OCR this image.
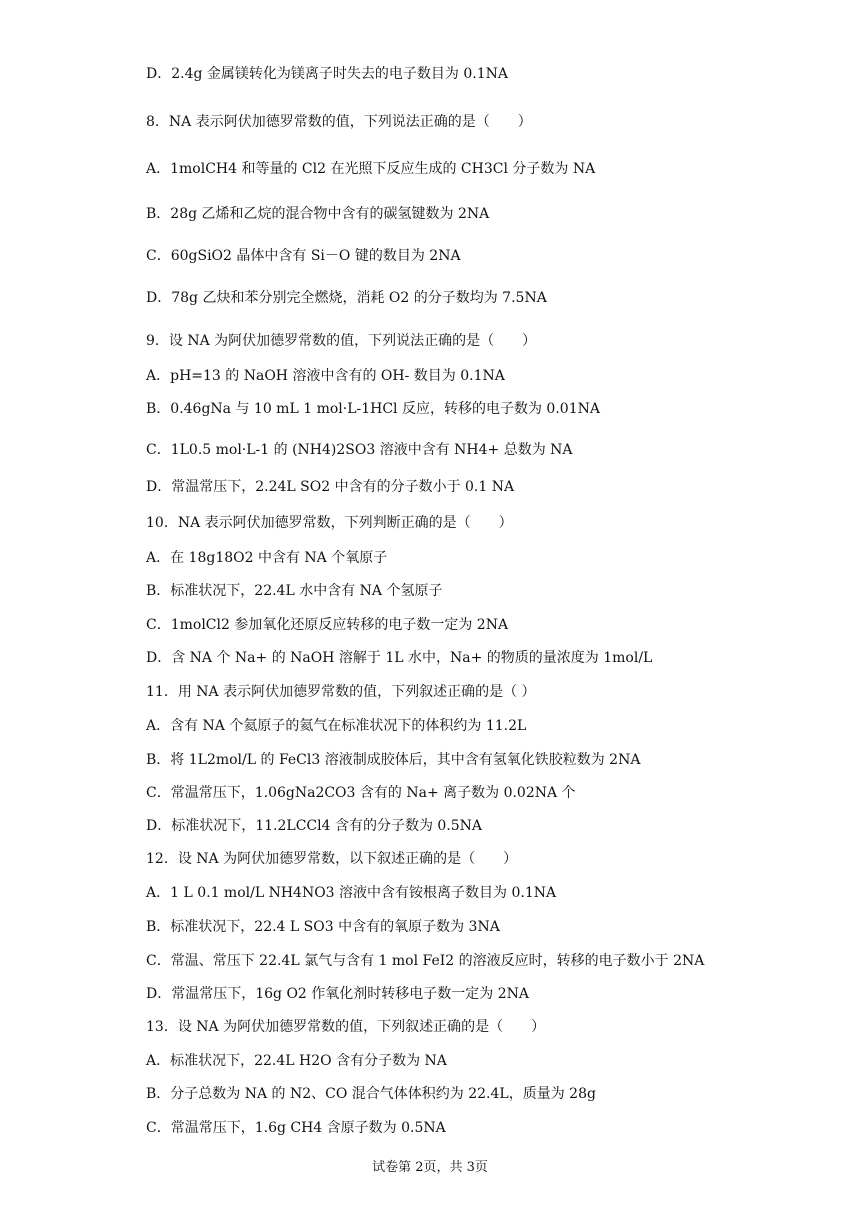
D．2.4g 金属镁转化为镁离子时失去的电子数目为 0.1NA
8．NA 表示阿伏加德罗常数的值，下列说法正确的是（　　）
A．1molCH4 和等量的 Cl2 在光照下反应生成的 CH3Cl 分子数为 NA
B．28g 乙烯和乙烷的混合物中含有的碳氢键数为 2NA
C．60gSiO2 晶体中含有 Si－O 键的数目为 2NA
D．78g 乙炔和苯分别完全燃烧，消耗 O2 的分子数均为 7.5NA
9．设 NA 为阿伏加德罗常数的值，下列说法正确的是（　　）
A．pH=13 的 NaOH 溶液中含有的 OH- 数目为 0.1NA
B．0.46gNa 与 10 mL 1 mol·L-1HCl 反应，转移的电子数为 0.01NA
C．1L0.5 mol·L-1 的 (NH4)2SO3 溶液中含有 NH4+ 总数为 NA
D．常温常压下，2.24L SO2 中含有的分子数小于 0.1 NA
10．NA 表示阿伏加德罗常数，下列判断正确的是（　　）
A．在 18g18O2 中含有 NA 个氧原子
B．标准状况下，22.4L 水中含有 NA 个氢原子
C．1molCl2 参加氧化还原反应转移的电子数一定为 2NA
D．含 NA 个 Na+ 的 NaOH 溶解于 1L 水中，Na+ 的物质的量浓度为 1mol/L
11．用 NA 表示阿伏加德罗常数的值，下列叙述正确的是（ ）
A．含有 NA 个氦原子的氦气在标准状况下的体积约为 11.2L
B．将 1L2mol/L 的 FeCl3 溶液制成胶体后，其中含有氢氧化铁胶粒数为 2NA
C．常温常压下，1.06gNa2CO3 含有的 Na+ 离子数为 0.02NA 个
D．标准状况下，11.2LCCl4 含有的分子数为 0.5NA
12．设 NA 为阿伏加德罗常数，以下叙述正确的是（　　）
A．1 L 0.1 mol/L NH4NO3 溶液中含有铵根离子数目为 0.1NA
B．标准状况下，22.4 L SO3 中含有的氧原子数为 3NA
C．常温、常压下 22.4L 氯气与含有 1 mol FeI2 的溶液反应时，转移的电子数小于 2NA
D．常温常压下，16g O2 作氧化剂时转移电子数一定为 2NA
13．设 NA 为阿伏加德罗常数的值，下列叙述正确的是（　　）
A．标准状况下，22.4L H2O 含有分子数为 NA
B．分子总数为 NA 的 N2、CO 混合气体体积约为 22.4L，质量为 28g
C．常温常压下，1.6g CH4 含原子数为 0.5NA
试卷第 2页，共 3页
